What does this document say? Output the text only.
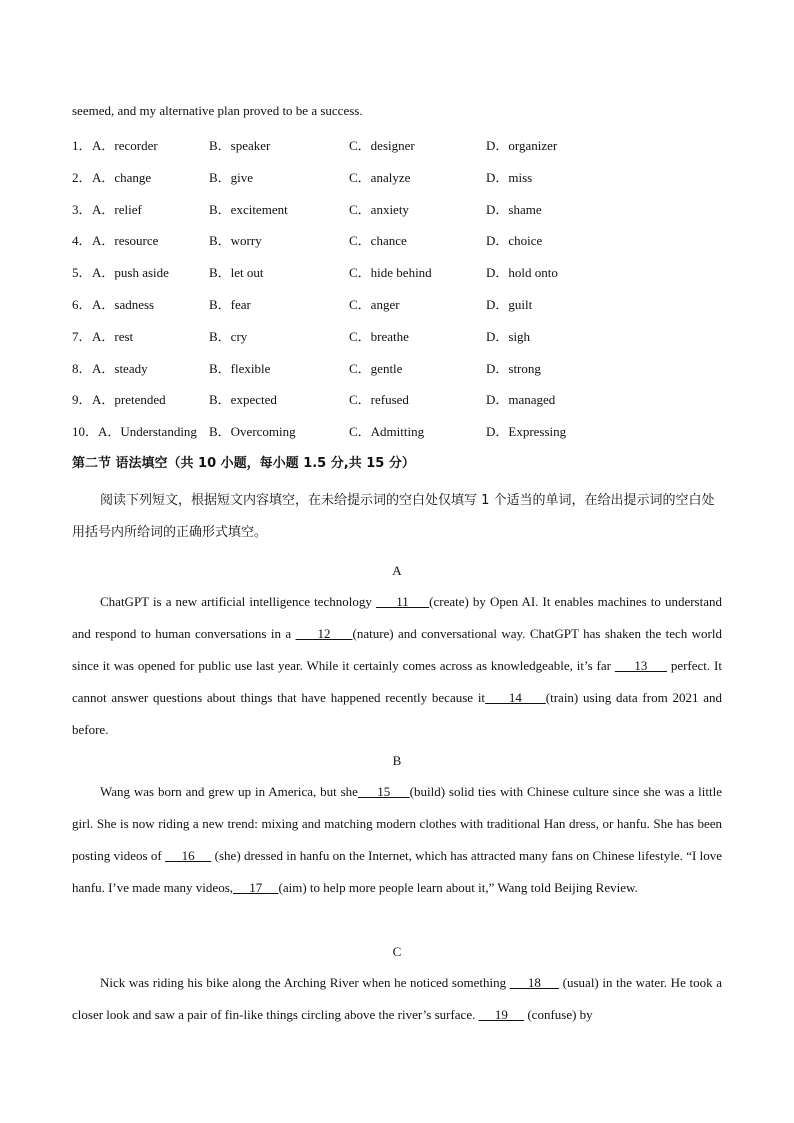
seemed, and my alternative plan proved to be a success.
1． A．recorder	B．speaker	C．designer	D．organizer
2． A．change	B．give	C．analyze	D．miss
3． A．relief	B．excitement	C．anxiety	D．shame
4． A．resource	B．worry	C．chance	D．choice
5． A．push aside	B．let out	C．hide behind	D．hold onto
6． A．sadness	B．fear	C．anger	D．guilt
7． A．rest	B．cry	C．breathe	D．sigh
8． A．steady	B．flexible	C．gentle	D．strong
9． A．pretended	B．expected	C．refused	D．managed
10． A．Understanding B．Overcoming	C．Admitting	D．Expressing
第二节 语法填空（共 10 小题，每小题 1.5 分,共 15 分）
阅读下列短文，根据短文内容填空，在未给提示词的空白处仅填写 1 个适当的单词，在给出提示词的空白处用括号内所给词的正确形式填空。
A
ChatGPT is a new artificial intelligence technology      11     (create) by Open AI. It enables machines to understand and respond to human conversations in a      12     (nature) and conversational way. ChatGPT has shaken the tech world since it was opened for public use last year. While it certainly comes across as knowledgeable, it’s far      13      perfect. It cannot answer questions about things that have happened recently because it     14     (train) using data from 2021 and before.
B
Wang was born and grew up in America, but she     15     (build) solid ties with Chinese culture since she was a little girl. She is now riding a new trend: mixing and matching modern clothes with traditional Han dress, or hanfu. She has been posting videos of      16      (she) dressed in hanfu on the Internet, which has attracted many fans on Chinese lifestyle. “I love hanfu. I’ve made many videos,     17     (aim) to help more people learn about it,” Wang told Beijing Review.
C
Nick was riding his bike along the Arching River when he noticed something      18      (usual) in the water. He took a closer look and saw a pair of fin-like things circling above the river’s surface.      19      (confuse) by
